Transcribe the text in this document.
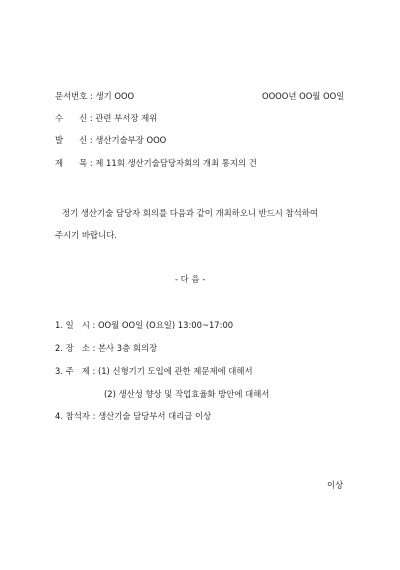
문서번호 : 생기 OOO	OOOO년 OO월 OO일
수      신 : 관련 부서장 제위
발      신 : 생산기술부장 OOO
제      목 : 제 11회 생산기술담당자회의 개최 통지의 건
정기 생산기술 담당자 회의를 다음과 같이 개최하오니 반드시 참석하여
주시기 바랍니다.
- 다 음 -
1. 일   시 : OO월 OO일 (O요일) 13:00~17:00
2. 장   소 : 본사 3층 회의장
3. 주   제 : (1) 신형기기 도입에 관한 제문제에 대해서
(2) 생산성 향상 및 작업효율화 방안에 대해서
4. 참석자 : 생산기술 담당부서 대리급 이상
이상
